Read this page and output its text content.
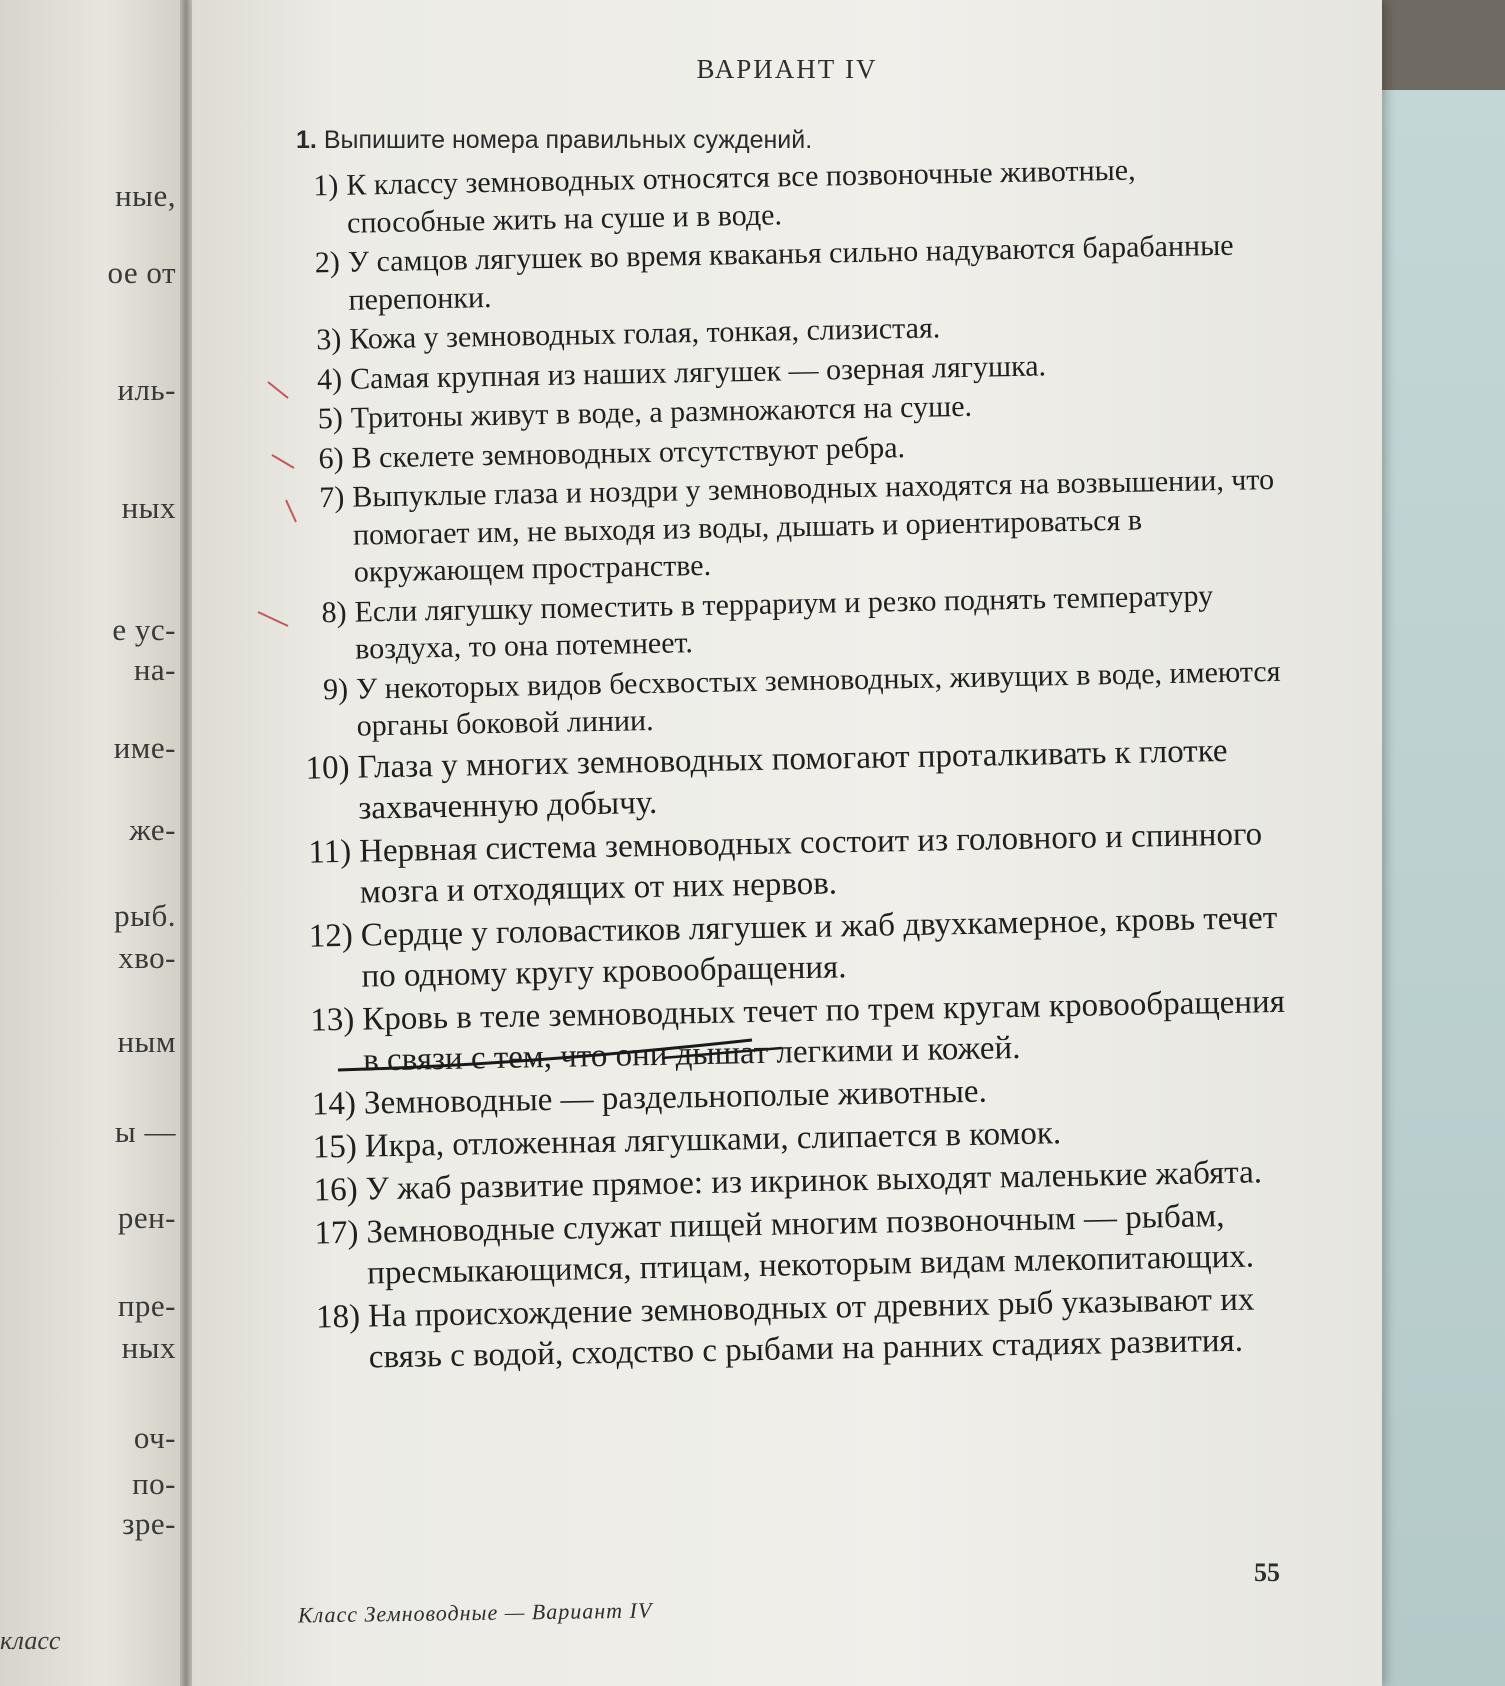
ные,
ое от
иль-
ных
е ус-
на-
име-
же-
рыб.
хво-
ным
ы —
рен-
пре-
ных
оч-
по-
зре-
класс
ВАРИАНТ IV
1. Выпишите номера правильных суждений.
1) К классу земноводных относятся все позвоночные животные, способные жить на суше и в воде.
2) У самцов лягушек во время кваканья сильно надуваются барабанные перепонки.
3) Кожа у земноводных голая, тонкая, слизистая.
4) Самая крупная из наших лягушек — озерная лягушка.
5) Тритоны живут в воде, а размножаются на суше.
6) В скелете земноводных отсутствуют ребра.
7) Выпуклые глаза и ноздри у земноводных находятся на возвышении, что помогает им, не выходя из воды, дышать и ориентироваться в окружающем пространстве.
8) Если лягушку поместить в террариум и резко поднять температуру воздуха, то она потемнеет.
9) У некоторых видов бесхвостых земноводных, живущих в воде, имеются органы боковой линии.
10) Глаза у многих земноводных помогают проталкивать к глотке захваченную добычу.
11) Нервная система земноводных состоит из головного и спинного мозга и отходящих от них нервов.
12) Сердце у головастиков лягушек и жаб двухкамерное, кровь течет по одному кругу кровообращения.
13) Кровь в теле земноводных течет по трем кругам кровообращения в связи с тем, что они дышат легкими и кожей.
14) Земноводные — раздельнополые животные.
15) Икра, отложенная лягушками, слипается в комок.
16) У жаб развитие прямое: из икринок выходят маленькие жабята.
17) Земноводные служат пищей многим позвоночным — рыбам, пресмыкающимся, птицам, некоторым видам млекопитающих.
18) На происхождение земноводных от древних рыб указывают их связь с водой, сходство с рыбами на ранних стадиях развития.
55
Класс Земноводные — Вариант IV
